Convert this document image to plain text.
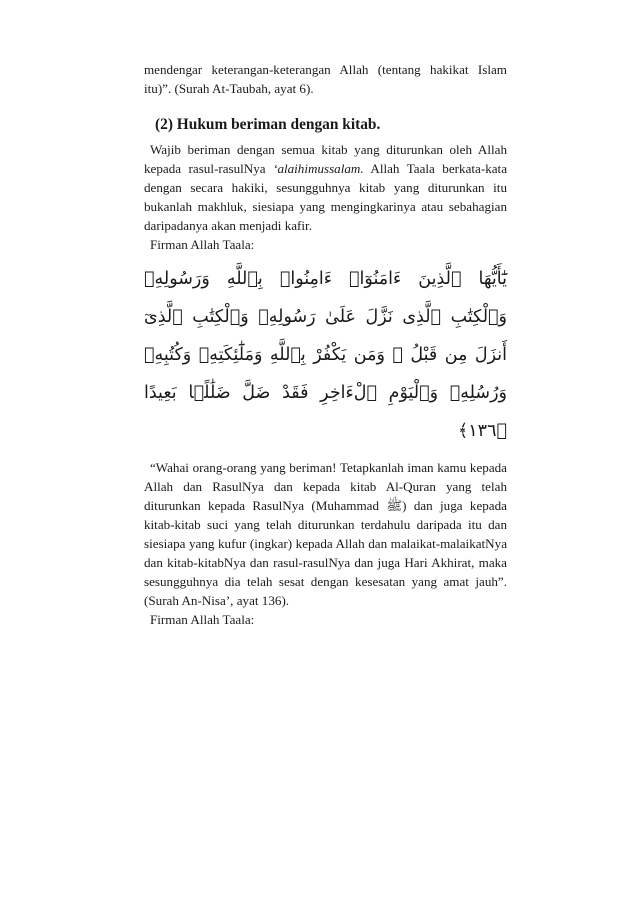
mendengar keterangan-keterangan Allah (tentang hakikat Islam itu)”. (Surah At-Taubah, ayat 6).

(2) Hukum beriman dengan kitab.

Wajib beriman dengan semua kitab yang diturunkan oleh Allah kepada rasul-rasulNya ‘alaihimussalam. Allah Taala berkata-kata dengan secara hakiki, sesungguhnya kitab yang diturunkan itu bukanlah makhluk, siesiapa yang mengingkarinya atau sebahagian daripadanya akan menjadi kafir.

Firman Allah Taala:

يَٰٓأَيُّهَا ٱلَّذِينَ ءَامَنُوٓا۟ ءَامِنُوا۟ بِٱللَّهِ وَرَسُولِهِۦ وَٱلْكِتَٰبِ ٱلَّذِى نَزَّلَ عَلَىٰ رَسُولِهِۦ وَٱلْكِتَٰبِ ٱلَّذِىٓ أَنزَلَ مِن قَبْلُ ۚ وَمَن يَكْفُرْ بِٱللَّهِ وَمَلَٰٓئِكَتِهِۦ وَكُتُبِهِۦ وَرُسُلِهِۦ وَٱلْيَوْمِ ٱلْءَاخِرِ فَقَدْ ضَلَّ ضَلَٰلًۢا بَعِيدًا ﴿١٣٦﴾

“Wahai orang-orang yang beriman! Tetapkanlah iman kamu kepada Allah dan RasulNya dan kepada kitab Al-Quran yang telah diturunkan kepada RasulNya (Muhammad ﷺ) dan juga kepada kitab-kitab suci yang telah diturunkan terdahulu daripada itu dan siesiapa yang kufur (ingkar) kepada Allah dan malaikat-malaikatNya dan kitab-kitabNya dan rasul-rasulNya dan juga Hari Akhirat, maka sesungguhnya dia telah sesat dengan kesesatan yang amat jauh”. (Surah An-Nisa’, ayat 136).

Firman Allah Taala:
